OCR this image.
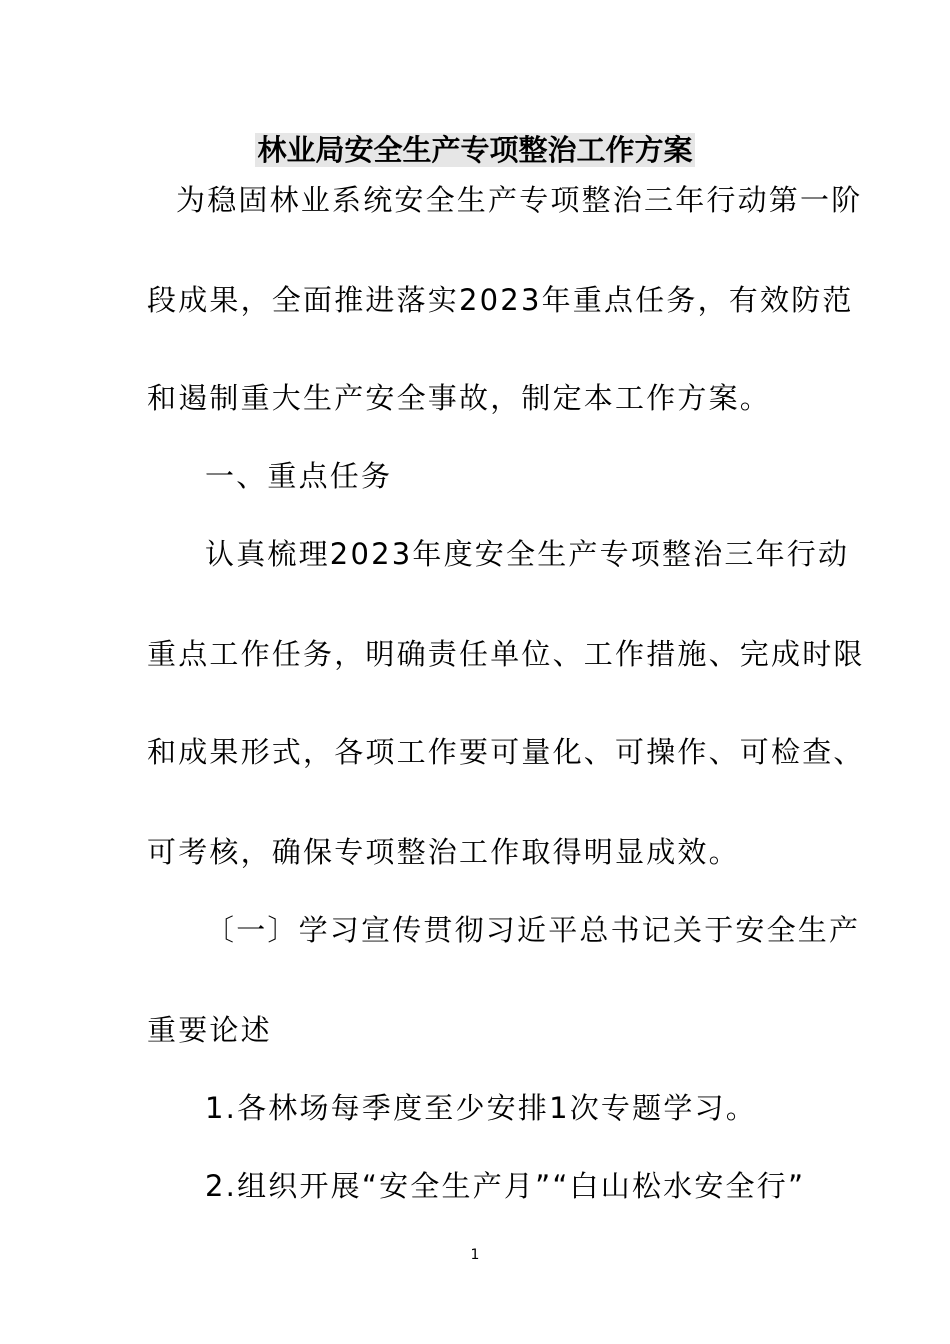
林业局安全生产专项整治工作方案
为稳固林业系统安全生产专项整治三年行动第一阶
段成果，全面推进落实2023年重点任务，有效防范
和遏制重大生产安全事故，制定本工作方案。
一、重点任务
认真梳理2023年度安全生产专项整治三年行动
重点工作任务，明确责任单位、工作措施、完成时限
和成果形式，各项工作要可量化、可操作、可检查、
可考核，确保专项整治工作取得明显成效。
〔一〕学习宣传贯彻习近平总书记关于安全生产
重要论述
1.各林场每季度至少安排1次专题学习。
2.组织开展“安全生产月”“白山松水安全行”
1
